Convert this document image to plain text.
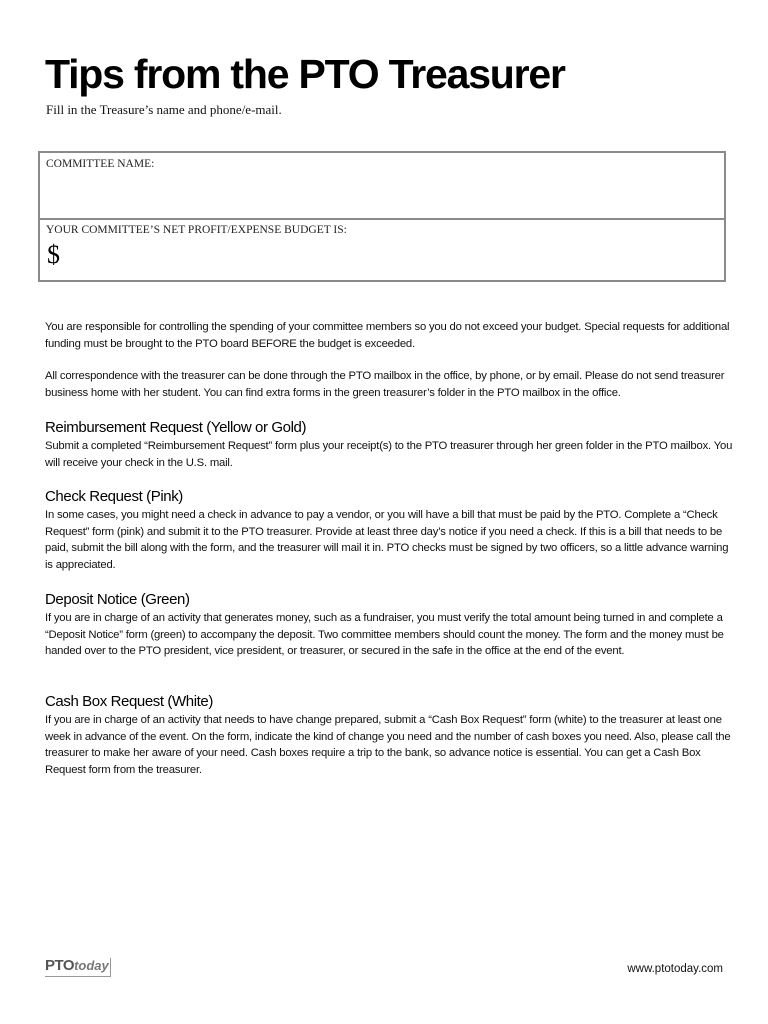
Tips from the PTO Treasurer
Fill in the Treasure’s name and phone/e-mail.
COMMITTEE NAME:
YOUR COMMITTEE’S NET PROFIT/EXPENSE BUDGET IS:
$

You are responsible for controlling the spending of your committee members so you do not exceed your budget. Special requests for additional funding must be brought to the PTO board BEFORE the budget is exceeded.

All correspondence with the treasurer can be done through the PTO mailbox in the office, by phone, or by email. Please do not send treasurer business home with her student. You can find extra forms in the green treasurer’s folder in the PTO mailbox in the office.

Reimbursement Request (Yellow or Gold)

Submit a completed “Reimbursement Request” form plus your receipt(s) to the PTO treasurer through her green folder in the PTO mailbox. You will receive your check in the U.S. mail.

Check Request (Pink)

In some cases, you might need a check in advance to pay a vendor, or you will have a bill that must be paid by the PTO. Complete a “Check Request” form (pink) and submit it to the PTO treasurer. Provide at least three day’s notice if you need a check. If this is a bill that needs to be paid, submit the bill along with the form, and the treasurer will mail it in. PTO checks must be signed by two officers, so a little advance warning is appreciated.

Deposit Notice (Green)

If you are in charge of an activity that generates money, such as a fundraiser, you must verify the total amount being turned in and complete a “Deposit Notice” form (green) to accompany the deposit. Two committee members should count the money. The form and the money must be handed over to the PTO president, vice president, or treasurer, or secured in the safe in the office at the end of the event.

Cash Box Request (White)

If you are in charge of an activity that needs to have change prepared, submit a “Cash Box Request” form (white) to the treasurer at least one week in advance of the event. On the form, indicate the kind of change you need and the number of cash boxes you need. Also, please call the treasurer to make her aware of your need. Cash boxes require a trip to the bank, so advance notice is essential. You can get a Cash Box Request form from the treasurer.

PTOtoday	www.ptotoday.com
